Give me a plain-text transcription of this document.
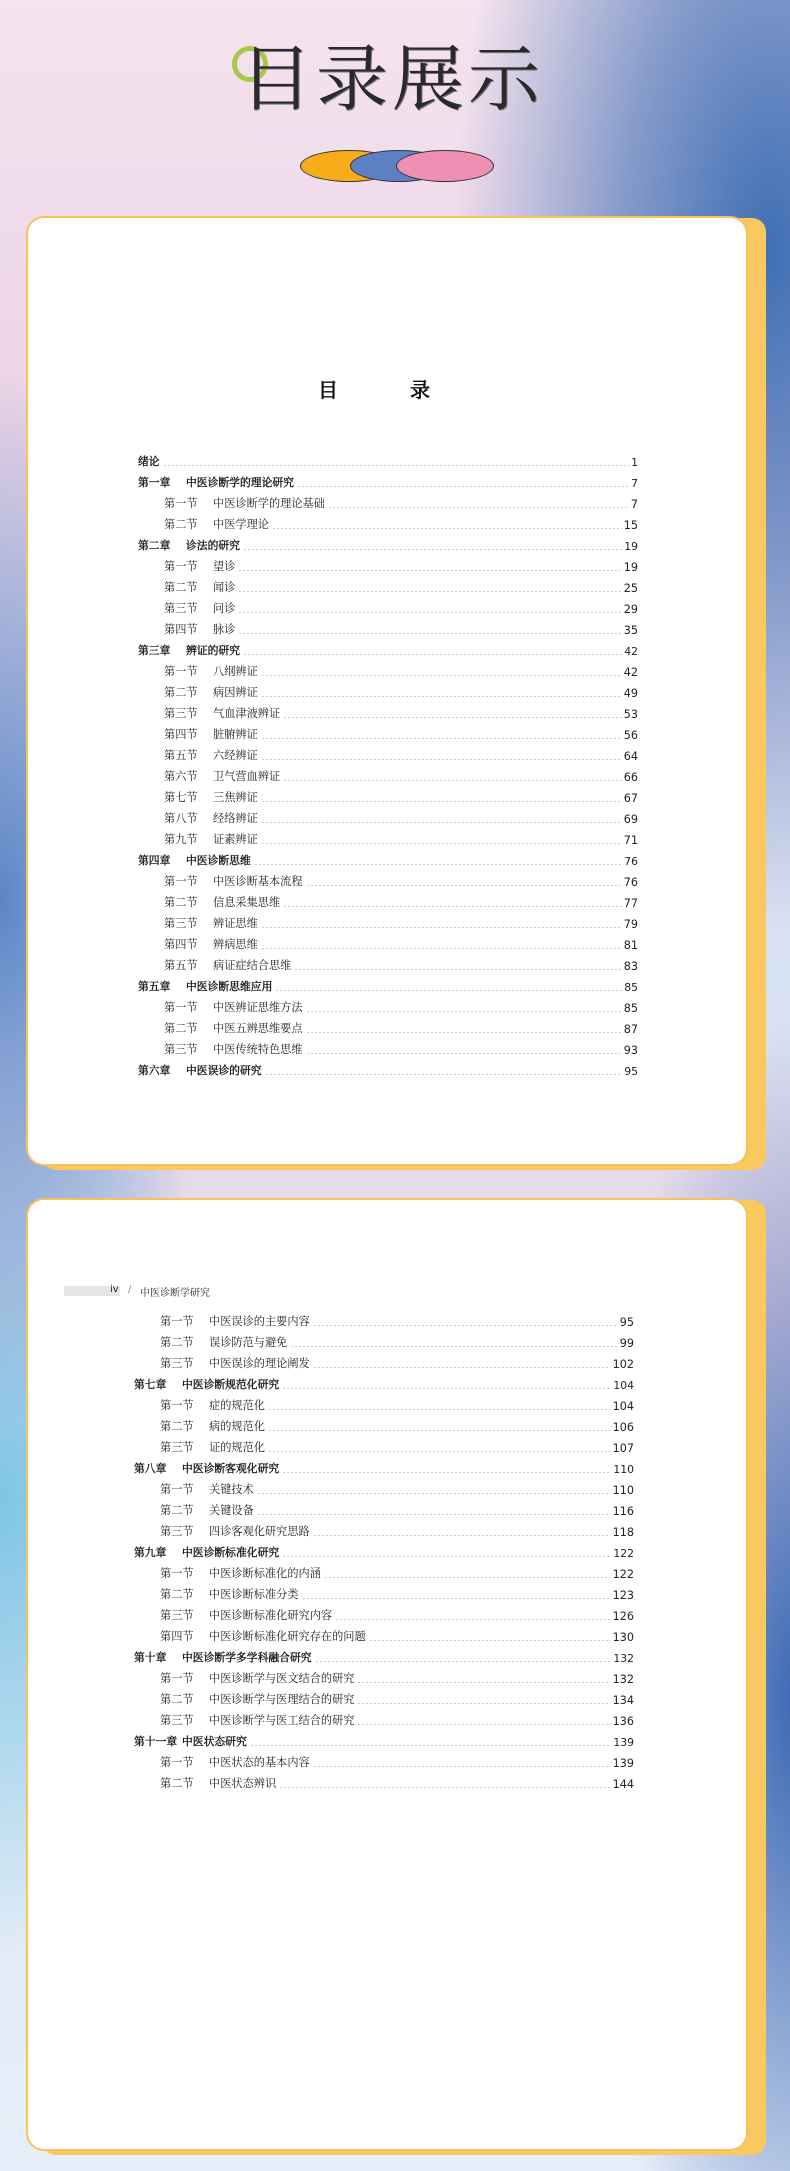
目录展示
目　录
绪论	1
第一章	中医诊断学的理论研究	7
第一节	中医诊断学的理论基础	7
第二节	中医学理论	15
第二章	诊法的研究	19
第一节	望诊	19
第二节	闻诊	25
第三节	问诊	29
第四节	脉诊	35
第三章	辨证的研究	42
第一节	八纲辨证	42
第二节	病因辨证	49
第三节	气血津液辨证	53
第四节	脏腑辨证	56
第五节	六经辨证	64
第六节	卫气营血辨证	66
第七节	三焦辨证	67
第八节	经络辨证	69
第九节	证素辨证	71
第四章	中医诊断思维	76
第一节	中医诊断基本流程	76
第二节	信息采集思维	77
第三节	辨证思维	79
第四节	辨病思维	81
第五节	病证症结合思维	83
第五章	中医诊断思维应用	85
第一节	中医辨证思维方法	85
第二节	中医五辨思维要点	87
第三节	中医传统特色思维	93
第六章	中医误诊的研究	95
iv / 中医诊断学研究
第一节	中医误诊的主要内容	95
第二节	误诊防范与避免	99
第三节	中医误诊的理论阐发	102
第七章	中医诊断规范化研究	104
第一节	症的规范化	104
第二节	病的规范化	106
第三节	证的规范化	107
第八章	中医诊断客观化研究	110
第一节	关键技术	110
第二节	关键设备	116
第三节	四诊客观化研究思路	118
第九章	中医诊断标准化研究	122
第一节	中医诊断标准化的内涵	122
第二节	中医诊断标准分类	123
第三节	中医诊断标准化研究内容	126
第四节	中医诊断标准化研究存在的问题	130
第十章	中医诊断学多学科融合研究	132
第一节	中医诊断学与医文结合的研究	132
第二节	中医诊断学与医理结合的研究	134
第三节	中医诊断学与医工结合的研究	136
第十一章 中医状态研究	139
第一节	中医状态的基本内容	139
第二节	中医状态辨识	144
